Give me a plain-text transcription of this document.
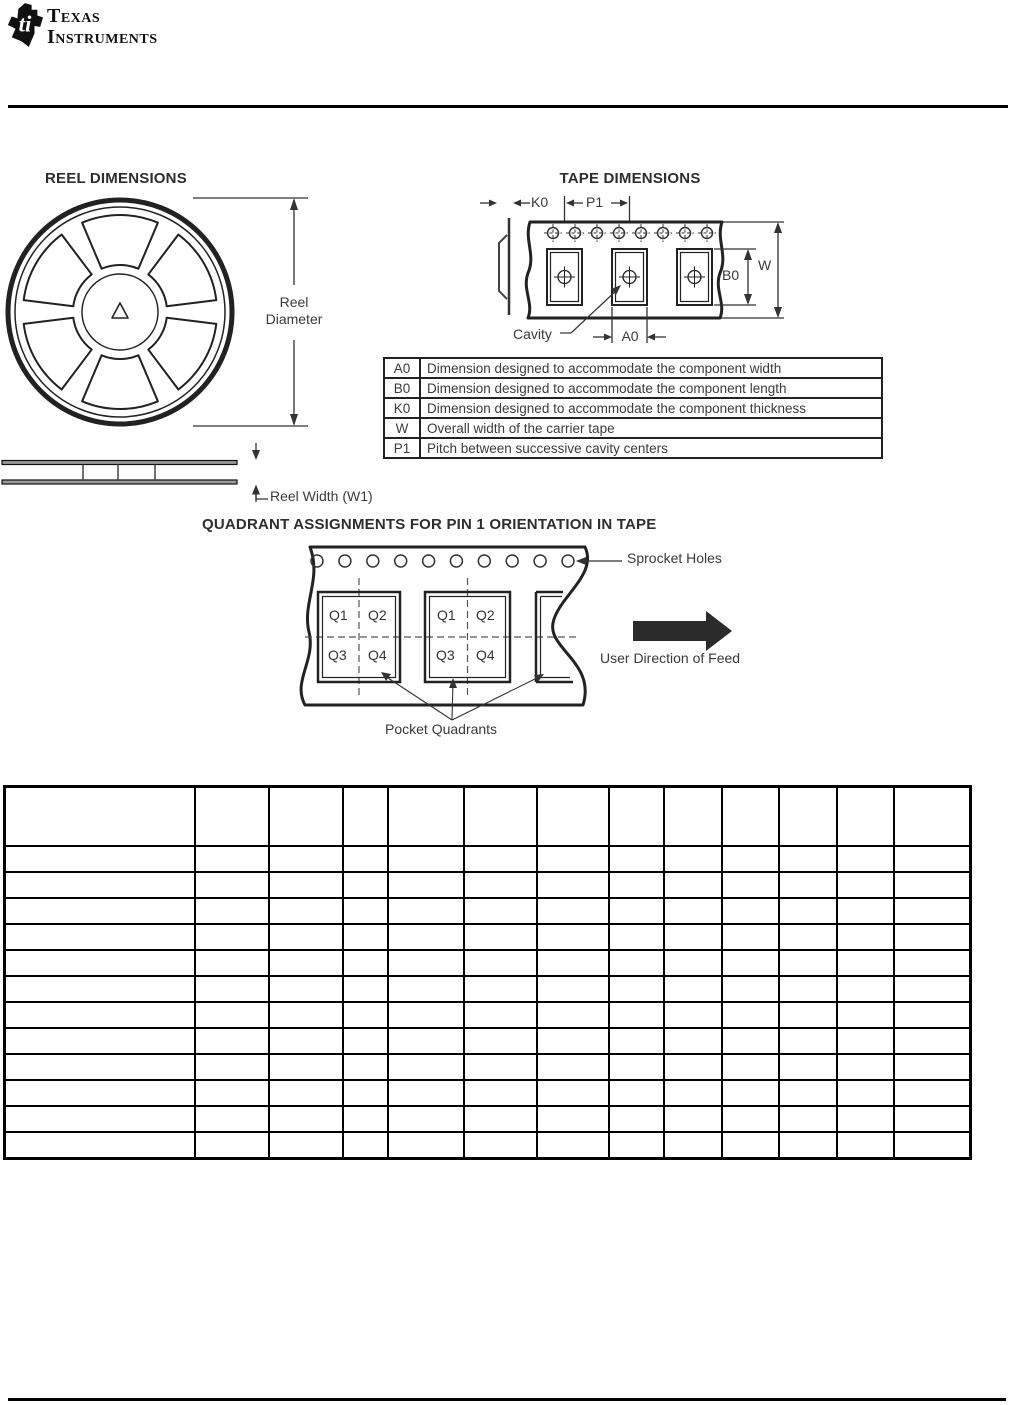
ti Texas
Instruments
REEL DIMENSIONS	TAPE DIMENSIONS
Reel Diameter
Reel Width (W1)
K0	P1
Cavity	A0
B0
W
A0	Dimension designed to accommodate the component width
B0	Dimension designed to accommodate the component length
K0	Dimension designed to accommodate the component thickness
W	Overall width of the carrier tape
P1	Pitch between successive cavity centers
QUADRANT ASSIGNMENTS FOR PIN 1 ORIENTATION IN TAPE
Sprocket Holes
User Direction of Feed
Pocket Quadrants
Q1 Q2
Q3 Q4
Q1 Q2
Q3 Q4
